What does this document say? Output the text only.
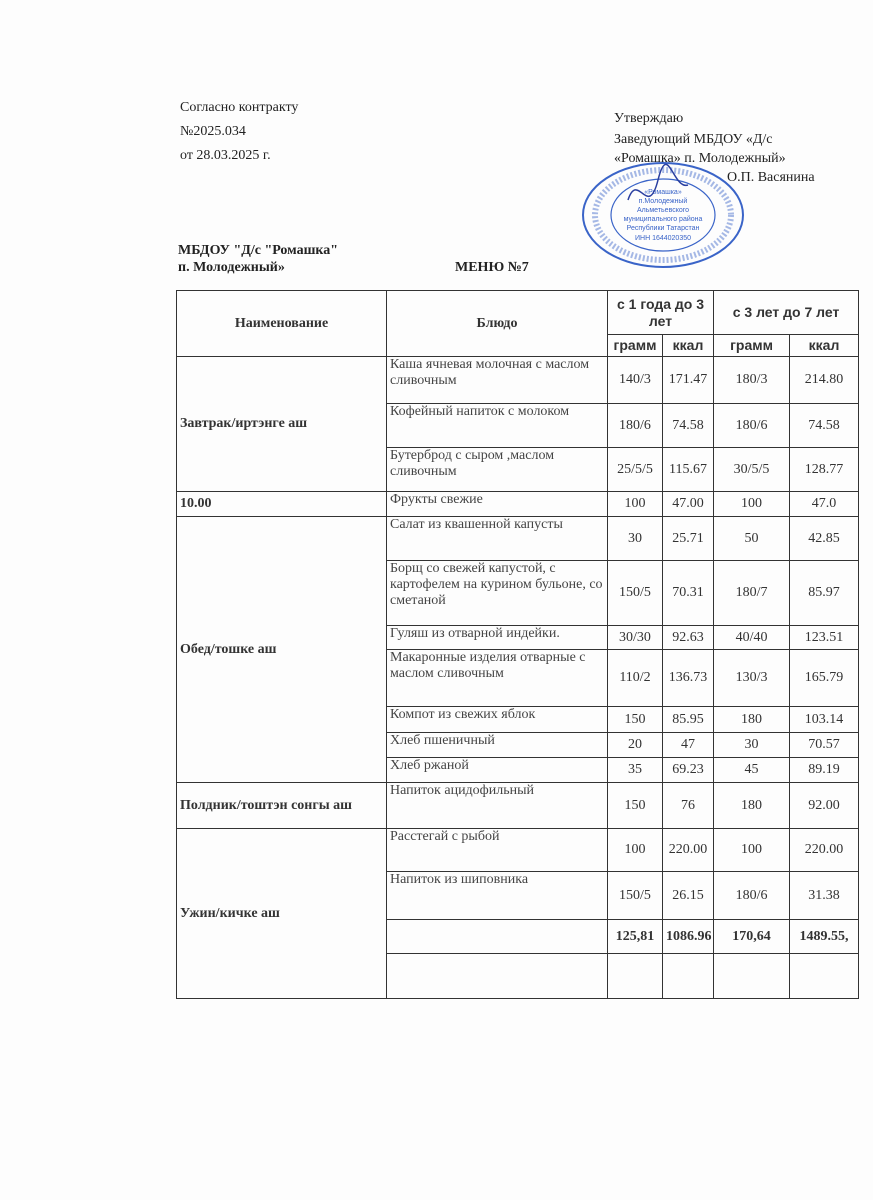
Согласно контракту
№2025.034
от 28.03.2025 г.
Утверждаю
Заведующий МБДОУ «Д/с
«Ромашка» п. Молодежный»
О.П. Васянина
«Ромашка»
п.Молодежный
Альметьевского
муниципального района
Республики Татарстан
ИНН 1644020350
МБДОУ "Д/с "Ромашка"
п. Молодежный»	МЕНЮ №7
Наименование	Блюдо	с 1 года до 3 лет		с 3 лет до 7 лет	
		грамм	ккал	грамм	ккал
Завтрак/иртэнге аш	Каша ячневая молочная с маслом сливочным	140/3	171.47	180/3	214.80
	Кофейный напиток с молоком	180/6	74.58	180/6	74.58
	Бутерброд с сыром ,маслом сливочным	25/5/5	115.67	30/5/5	128.77
10.00	Фрукты свежие	100	47.00	100	47.0
Обед/тошке аш	Салат из квашенной капусты	30	25.71	50	42.85
	Борщ со свежей капустой, с картофелем на курином бульоне, со сметаной	150/5	70.31	180/7	85.97
	Гуляш из отварной индейки.	30/30	92.63	40/40	123.51
	Макаронные изделия отварные с маслом сливочным	110/2	136.73	130/3	165.79
	Компот из свежих яблок	150	85.95	180	103.14
	Хлеб пшеничный	20	47	30	70.57
	Хлеб ржаной	35	69.23	45	89.19
Полдник/тоштэн сонгы аш	Напиток ацидофильный	150	76	180	92.00
Ужин/кичке аш	Расстегай с рыбой	100	220.00	100	220.00
	Напиток из шиповника	150/5	26.15	180/6	31.38
		125,81	1086.96	170,64	1489.55,
